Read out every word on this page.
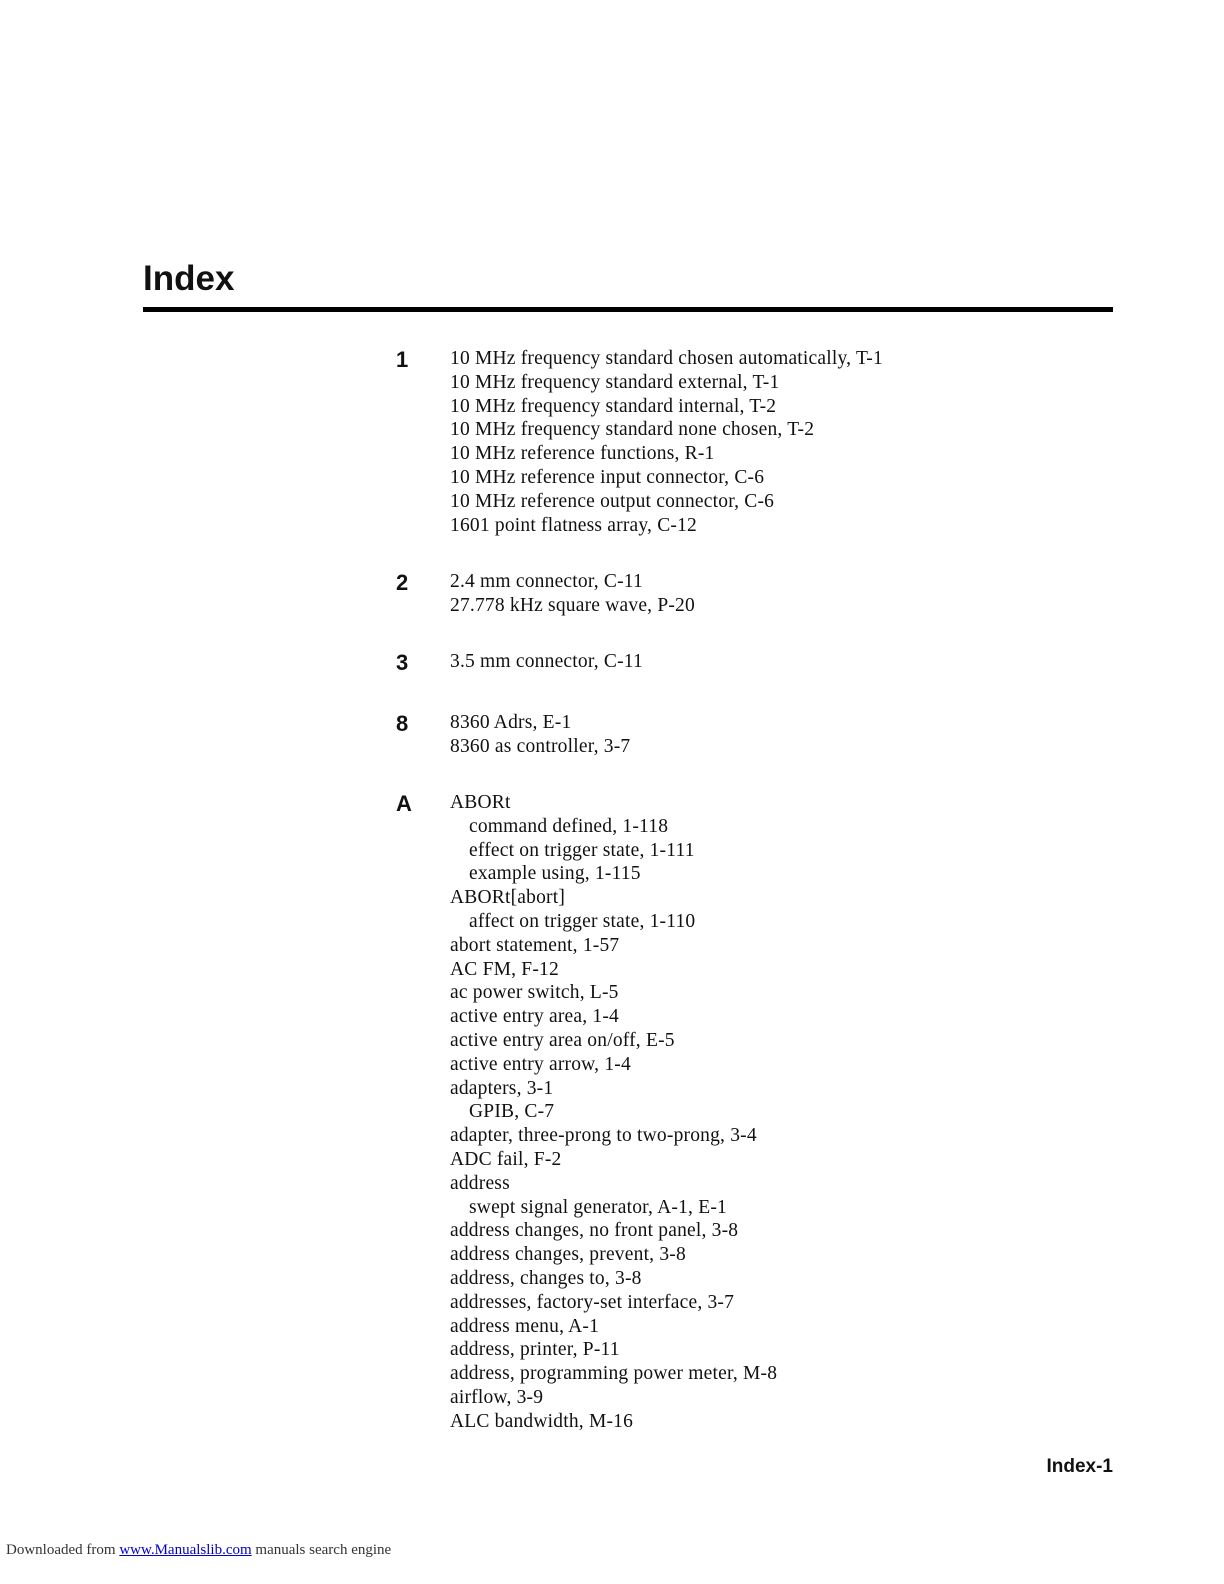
Index
1	10 MHz frequency standard chosen automatically, T-1
10 MHz frequency standard external, T-1
10 MHz frequency standard internal, T-2
10 MHz frequency standard none chosen, T-2
10 MHz reference functions, R-1
10 MHz reference input connector, C-6
10 MHz reference output connector, C-6
1601 point flatness array, C-12
2	2.4 mm connector, C-11
27.778 kHz square wave, P-20
3	3.5 mm connector, C-11
8	8360 Adrs, E-1
8360 as controller, 3-7
A	ABORt
command defined, 1-118
effect on trigger state, 1-111
example using, 1-115
ABORt[abort]
affect on trigger state, 1-110
abort statement, 1-57
AC FM, F-12
ac power switch, L-5
active entry area, 1-4
active entry area on/off, E-5
active entry arrow, 1-4
adapters, 3-1
GPIB, C-7
adapter, three-prong to two-prong, 3-4
ADC fail, F-2
address
swept signal generator, A-1, E-1
address changes, no front panel, 3-8
address changes, prevent, 3-8
address, changes to, 3-8
addresses, factory-set interface, 3-7
address menu, A-1
address, printer, P-11
address, programming power meter, M-8
airflow, 3-9
ALC bandwidth, M-16
Index-1
Downloaded from www.Manualslib.com manuals search engine
